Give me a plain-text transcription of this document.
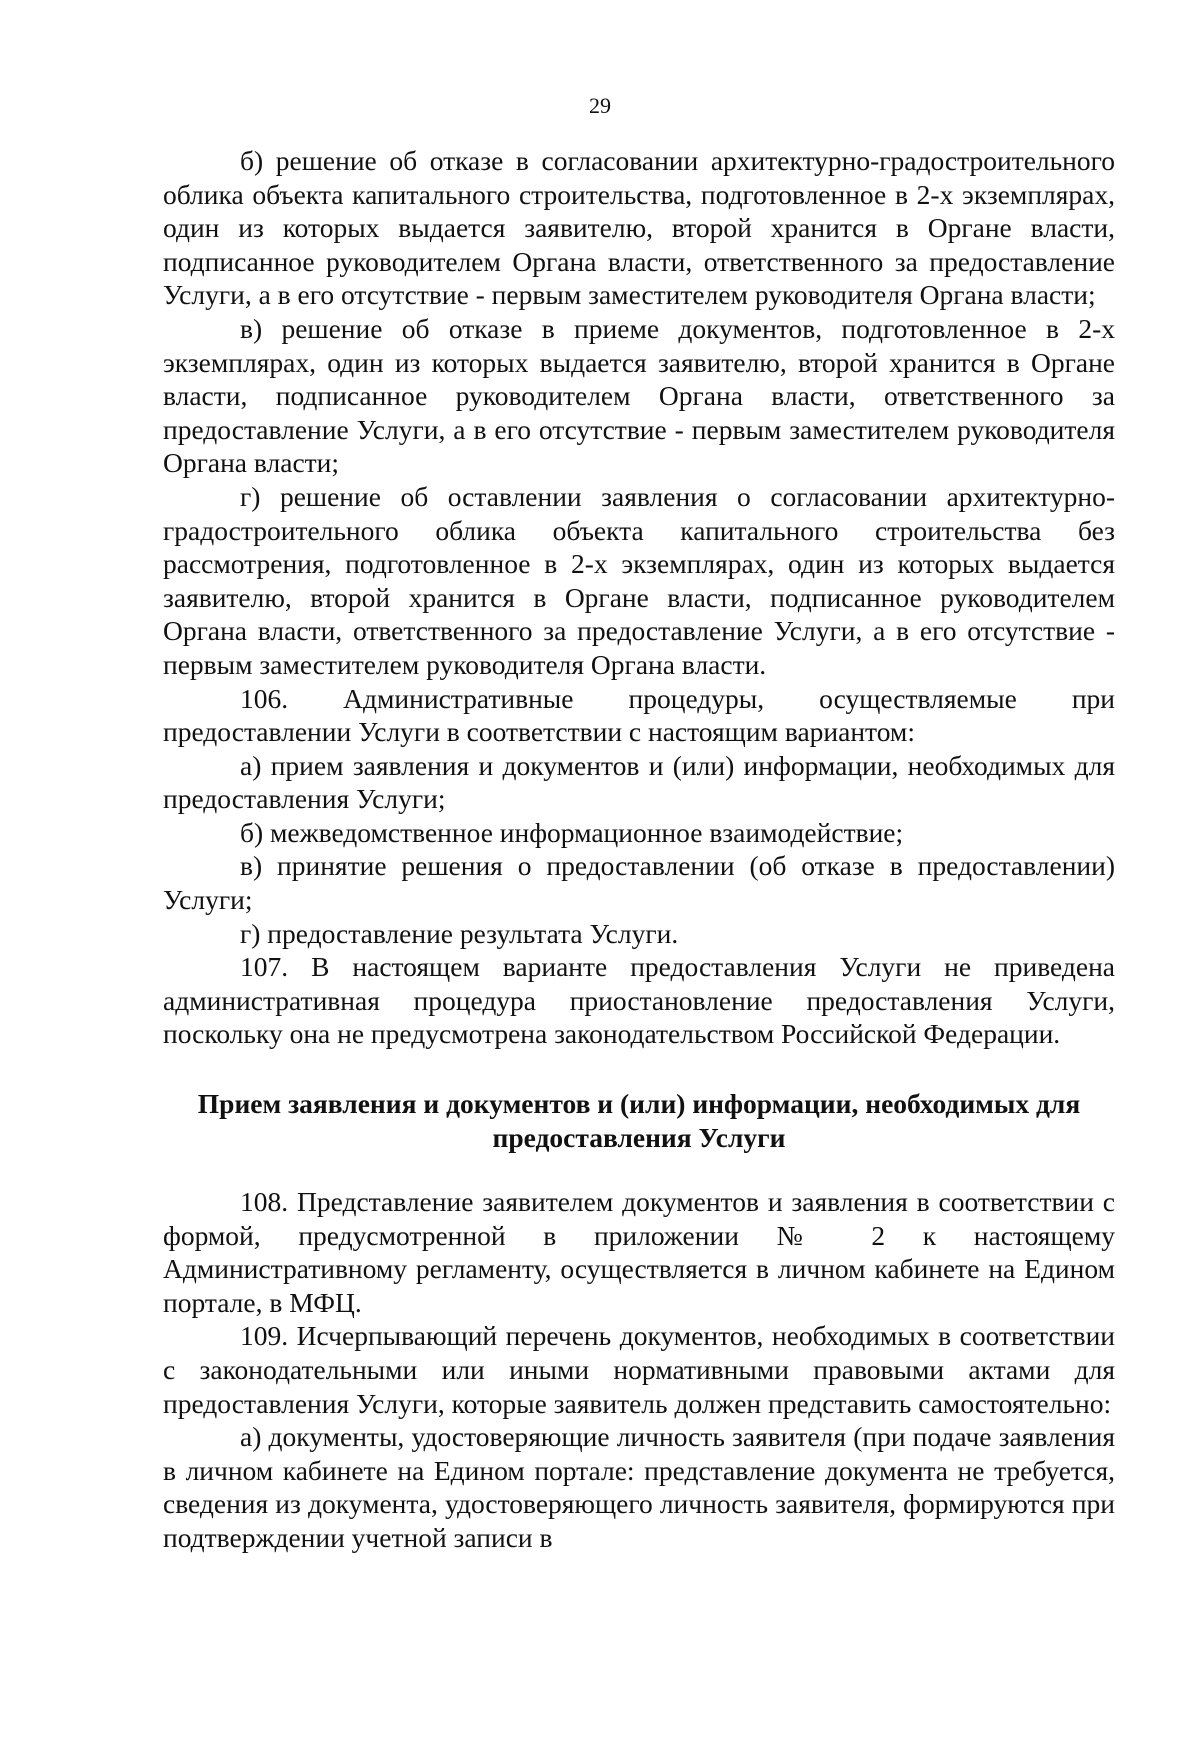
29

б) решение об отказе в согласовании архитектурно-градостроительного облика объекта капитального строительства, подготовленное в 2-х экземплярах, один из которых выдается заявителю, второй хранится в Органе власти, подписанное руководителем Органа власти, ответственного за предоставление Услуги, а в его отсутствие - первым заместителем руководителя Органа власти;

в) решение об отказе в приеме документов, подготовленное в 2-х экземплярах, один из которых выдается заявителю, второй хранится в Органе власти, подписанное руководителем Органа власти, ответственного за предоставление Услуги, а в его отсутствие - первым заместителем руководителя Органа власти;

г) решение об оставлении заявления о согласовании архитектурно-градостроительного облика объекта капитального строительства без рассмотрения, подготовленное в 2-х экземплярах, один из которых выдается заявителю, второй хранится в Органе власти, подписанное руководителем Органа власти, ответственного за предоставление Услуги, а в его отсутствие - первым заместителем руководителя Органа власти.

106. Административные процедуры, осуществляемые при предоставлении Услуги в соответствии с настоящим вариантом:

а) прием заявления и документов и (или) информации, необходимых для предоставления Услуги;

б) межведомственное информационное взаимодействие;

в) принятие решения о предоставлении (об отказе в предоставлении) Услуги;

г) предоставление результата Услуги.

107. В настоящем варианте предоставления Услуги не приведена административная процедура приостановление предоставления Услуги, поскольку она не предусмотрена законодательством Российской Федерации.

Прием заявления и документов и (или) информации, необходимых для предоставления Услуги

108. Представление заявителем документов и заявления в соответствии с формой, предусмотренной в приложении № 2 к настоящему Административному регламенту, осуществляется в личном кабинете на Едином портале, в МФЦ.

109. Исчерпывающий перечень документов, необходимых в соответствии с законодательными или иными нормативными правовыми актами для предоставления Услуги, которые заявитель должен представить самостоятельно:

а) документы, удостоверяющие личность заявителя (при подаче заявления в личном кабинете на Едином портале: представление документа не требуется, сведения из документа, удостоверяющего личность заявителя, формируются при подтверждении учетной записи в
